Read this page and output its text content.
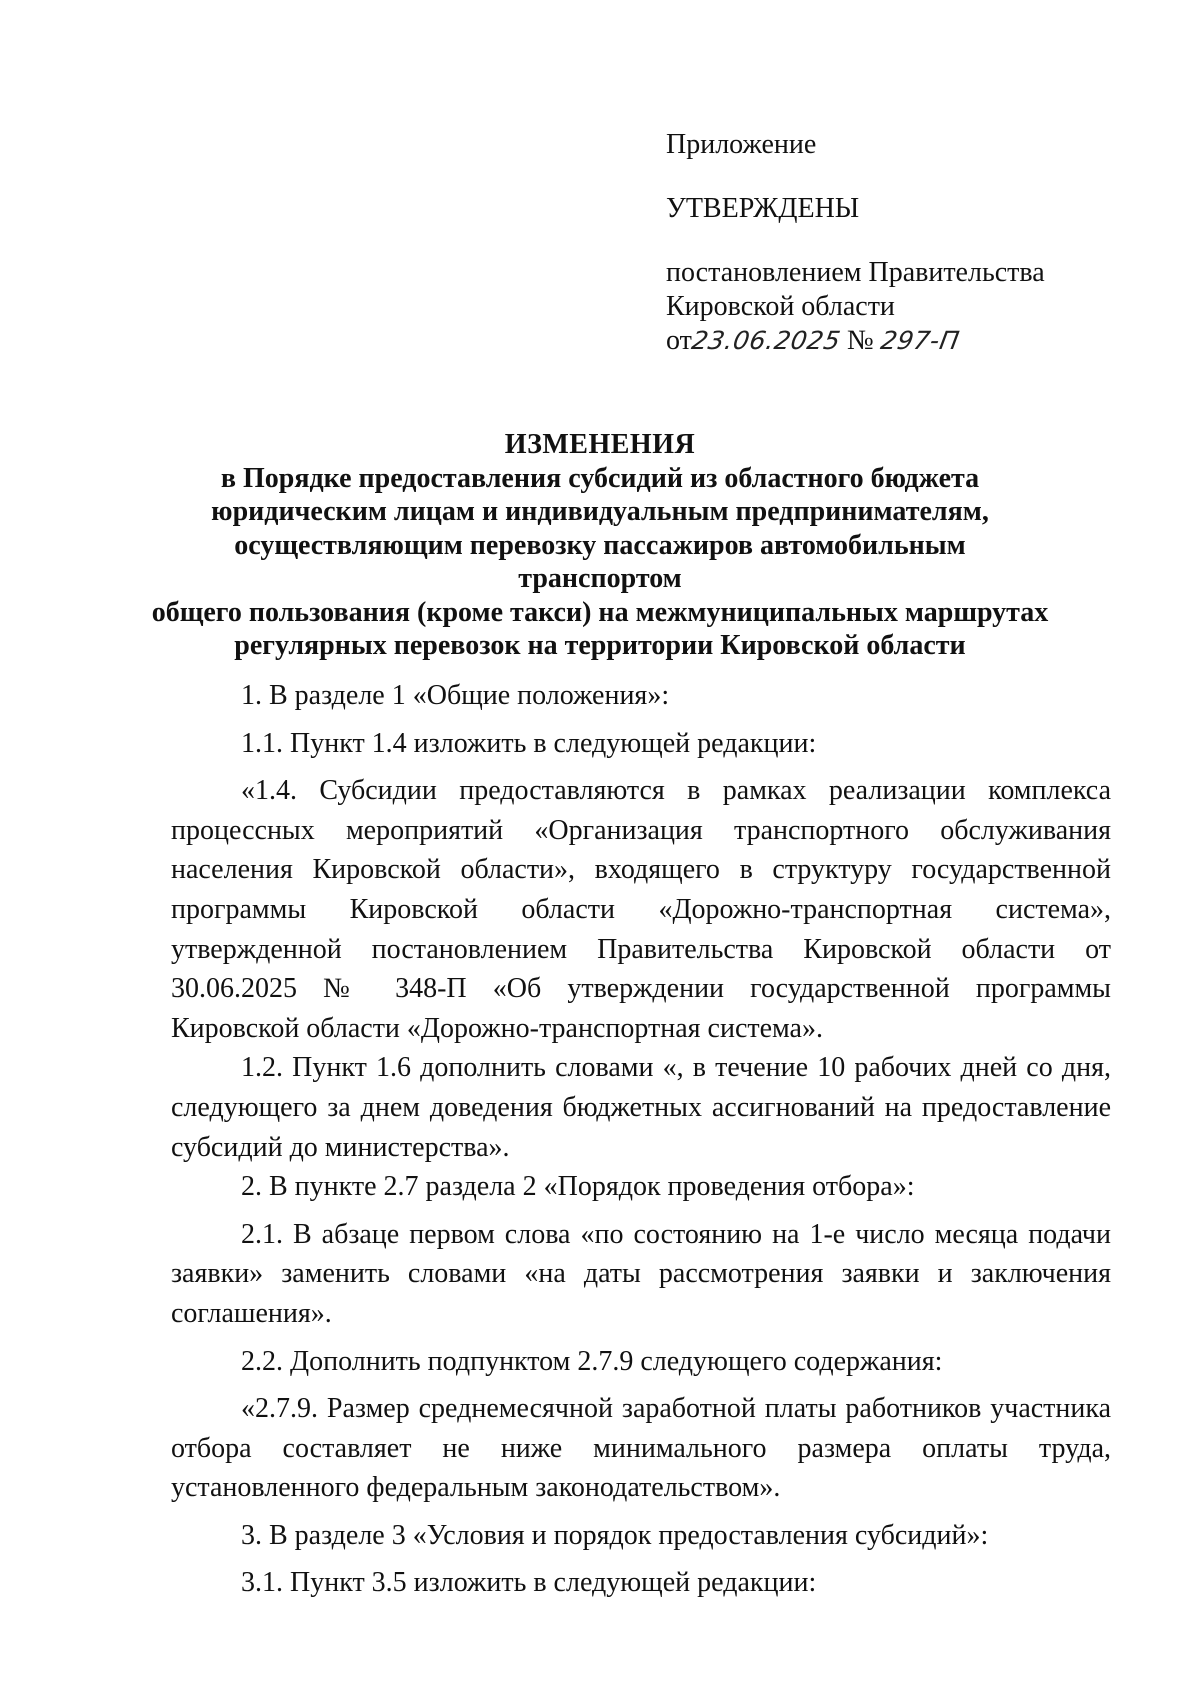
Приложение

УТВЕРЖДЕНЫ

постановлением Правительства

Кировской области

от23.06.2025 № 297-П

ИЗМЕНЕНИЯ
в Порядке предоставления субсидий из областного бюджета
юридическим лицам и индивидуальным предпринимателям,
осуществляющим перевозку пассажиров автомобильным транспортом
общего пользования (кроме такси) на межмуниципальных маршрутах
регулярных перевозок на территории Кировской области

1. В разделе 1 «Общие положения»:

1.1. Пункт 1.4 изложить в следующей редакции:

«1.4. Субсидии предоставляются в рамках реализации комплекса процессных мероприятий «Организация транспортного обслуживания населения Кировской области», входящего в структуру государственной программы Кировской области «Дорожно-транспортная система», утвержденной постановлением Правительства Кировской области от 30.06.2025 № 348-П «Об утверждении государственной программы Кировской области «Дорожно-транспортная система».

1.2. Пункт 1.6 дополнить словами «, в течение 10 рабочих дней со дня, следующего за днем доведения бюджетных ассигнований на предоставление субсидий до министерства».

2. В пункте 2.7 раздела 2 «Порядок проведения отбора»:

2.1. В абзаце первом слова «по состоянию на 1-е число месяца подачи заявки» заменить словами «на даты рассмотрения заявки и заключения соглашения».

2.2. Дополнить подпунктом 2.7.9 следующего содержания:

«2.7.9. Размер среднемесячной заработной платы работников участника отбора составляет не ниже минимального размера оплаты труда, установленного федеральным законодательством».

3. В разделе 3 «Условия и порядок предоставления субсидий»:

3.1. Пункт 3.5 изложить в следующей редакции:
